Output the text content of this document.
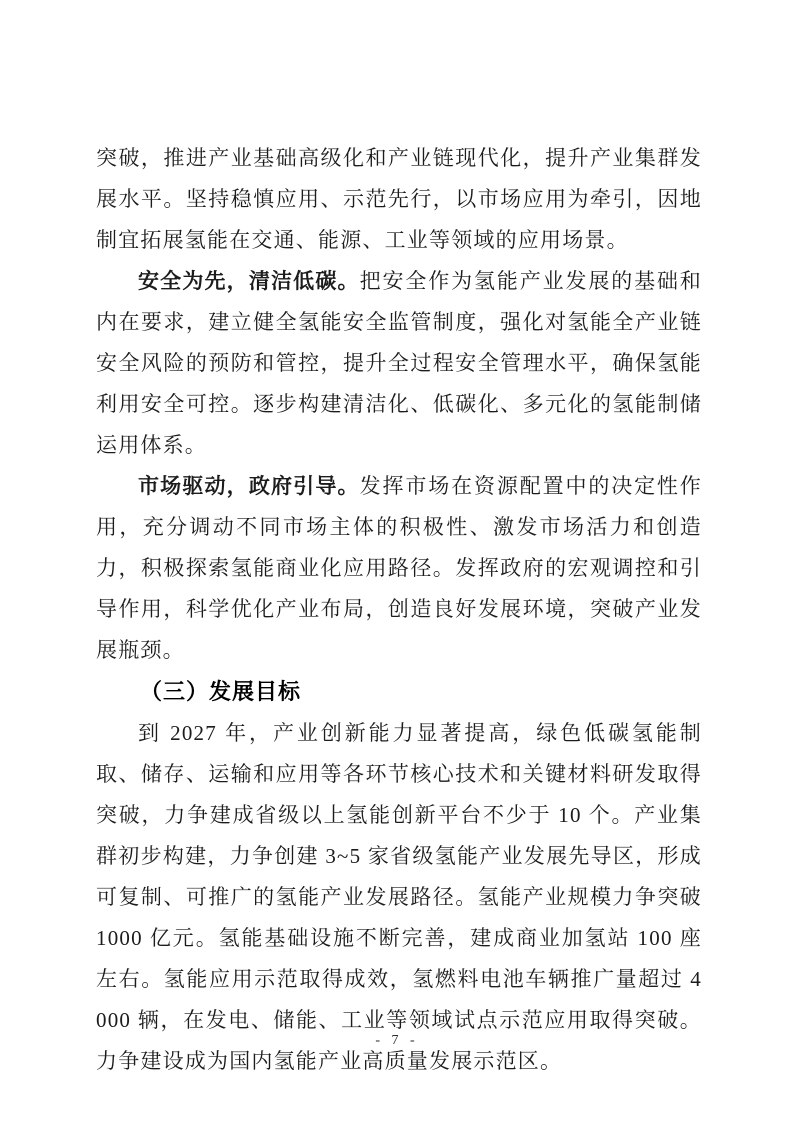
突破，推进产业基础高级化和产业链现代化，提升产业集群发展水平。坚持稳慎应用、示范先行，以市场应用为牵引，因地制宜拓展氢能在交通、能源、工业等领域的应用场景。

安全为先，清洁低碳。把安全作为氢能产业发展的基础和内在要求，建立健全氢能安全监管制度，强化对氢能全产业链安全风险的预防和管控，提升全过程安全管理水平，确保氢能利用安全可控。逐步构建清洁化、低碳化、多元化的氢能制储运用体系。

市场驱动，政府引导。发挥市场在资源配置中的决定性作用，充分调动不同市场主体的积极性、激发市场活力和创造力，积极探索氢能商业化应用路径。发挥政府的宏观调控和引导作用，科学优化产业布局，创造良好发展环境，突破产业发展瓶颈。

（三）发展目标

到 2027 年，产业创新能力显著提高，绿色低碳氢能制取、储存、运输和应用等各环节核心技术和关键材料研发取得突破，力争建成省级以上氢能创新平台不少于 10 个。产业集群初步构建，力争创建 3~5 家省级氢能产业发展先导区，形成可复制、可推广的氢能产业发展路径。氢能产业规模力争突破 1000 亿元。氢能基础设施不断完善，建成商业加氢站 100 座左右。氢能应用示范取得成效，氢燃料电池车辆推广量超过 4000 辆，在发电、储能、工业等领域试点示范应用取得突破。力争建设成为国内氢能产业高质量发展示范区。

- 7 -
